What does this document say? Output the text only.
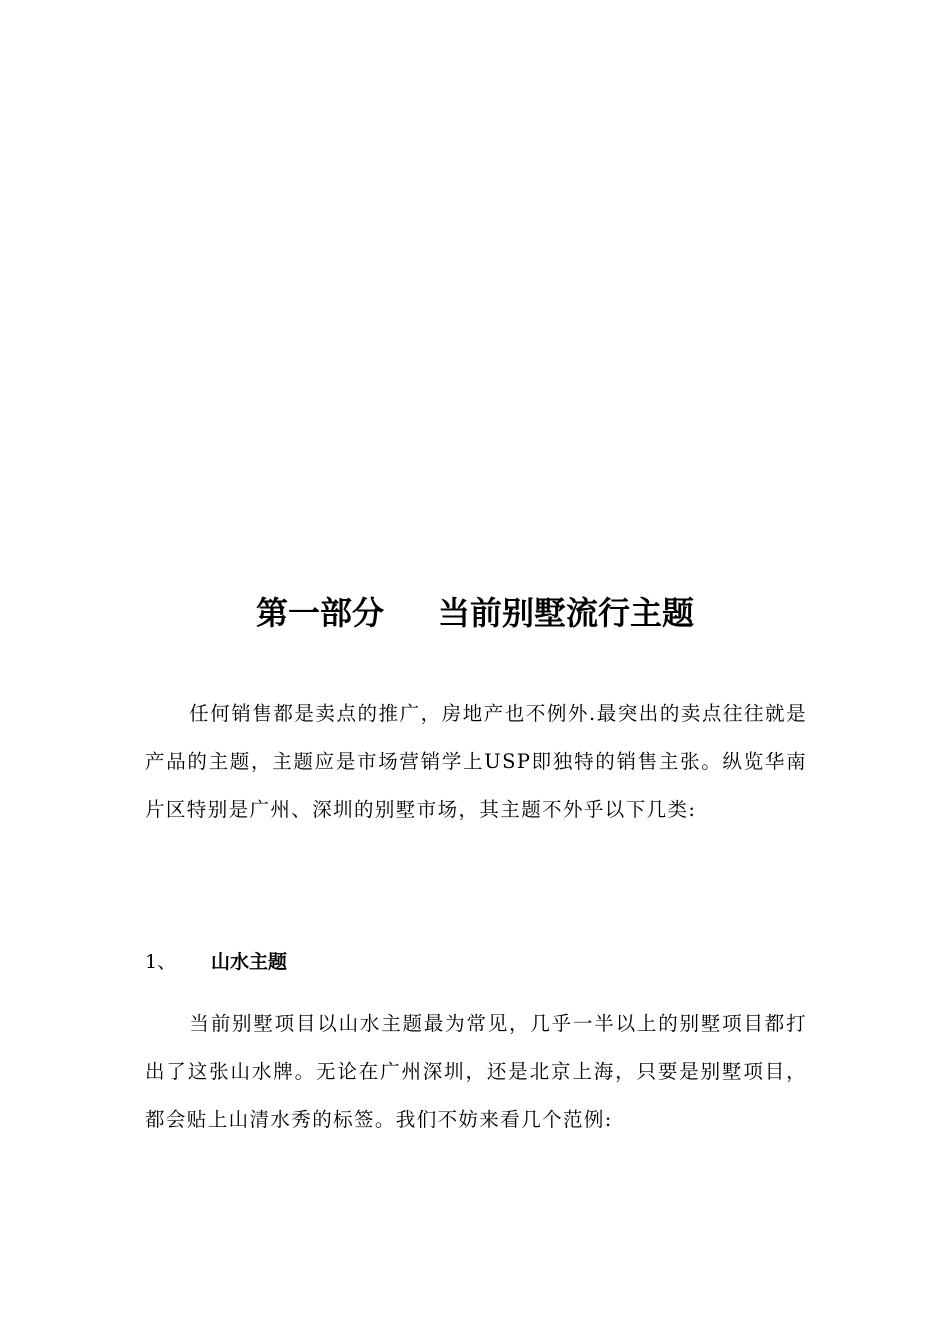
第一部分 当前别墅流行主题
任何销售都是卖点的推广，房地产也不例外.最突出的卖点往往就是产品的主题，主题应是市场营销学上USP即独特的销售主张。纵览华南片区特别是广州、深圳的别墅市场，其主题不外乎以下几类:
1、 山水主题
当前别墅项目以山水主题最为常见，几乎一半以上的别墅项目都打出了这张山水牌。无论在广州深圳，还是北京上海，只要是别墅项目，都会贴上山清水秀的标签。我们不妨来看几个范例:
